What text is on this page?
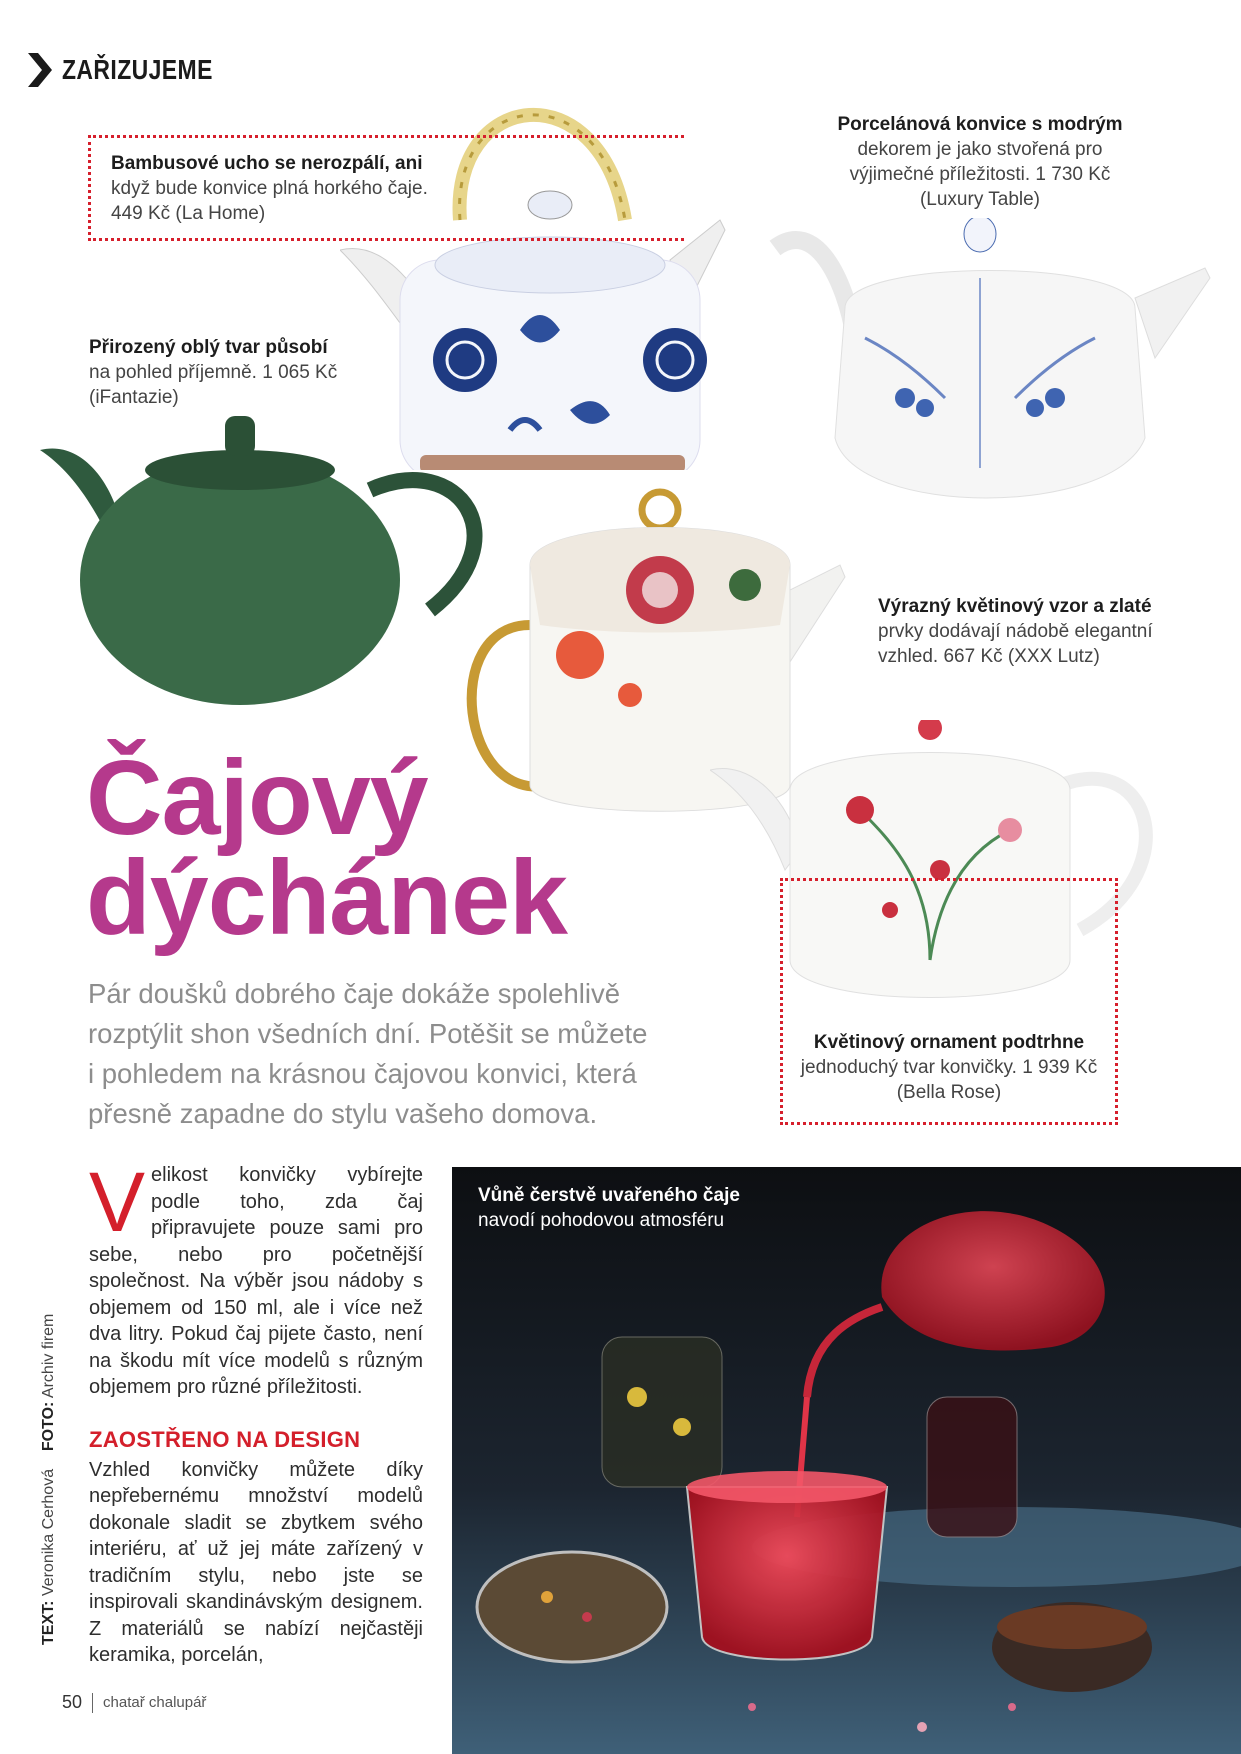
ZAŘIZUJEME
Bambusové ucho se nerozpálí, ani
když bude konvice plná horkého čaje.
449 Kč (La Home)
Porcelánová konvice s modrým
dekorem je jako stvořená pro
výjimečné příležitosti. 1 730 Kč
(Luxury Table)
Přirozený oblý tvar působí
na pohled příjemně. 1 065 Kč
(iFantazie)
Výrazný květinový vzor a zlaté
prvky dodávají nádobě elegantní
vzhled. 667 Kč (XXX Lutz)
Květinový ornament podtrhne
jednoduchý tvar konvičky. 1 939 Kč
(Bella Rose)
Čajový
dýchánek
Pár doušků dobrého čaje dokáže spolehlivě
rozptýlit shon všedních dní. Potěšit se můžete
i pohledem na krásnou čajovou konvici, která
přesně zapadne do stylu vašeho domova.
V elikost konvičky vybírejte podle toho, zda čaj připravujete pouze sami pro sebe, nebo pro početnější společnost. Na výběr jsou nádoby s objemem od 150 ml, ale i více než dva litry. Pokud čaj pijete často, není na škodu mít více modelů s různým objemem pro různé příležitosti.
ZAOSTŘENO NA DESIGN
Vzhled konvičky můžete díky nepřebernému množství modelů dokonale sladit se zbytkem svého interiéru, ať už jej máte zařízený v tradičním stylu, nebo jste se inspirovali skandinávským designem. Z materiálů se nabízí nejčastěji keramika, porcelán,
TEXT: Veronika Cerhová    FOTO: Archiv firem
Vůně čerstvě uvařeného čaje
navodí pohodovou atmosféru
50 chatař chalupář
